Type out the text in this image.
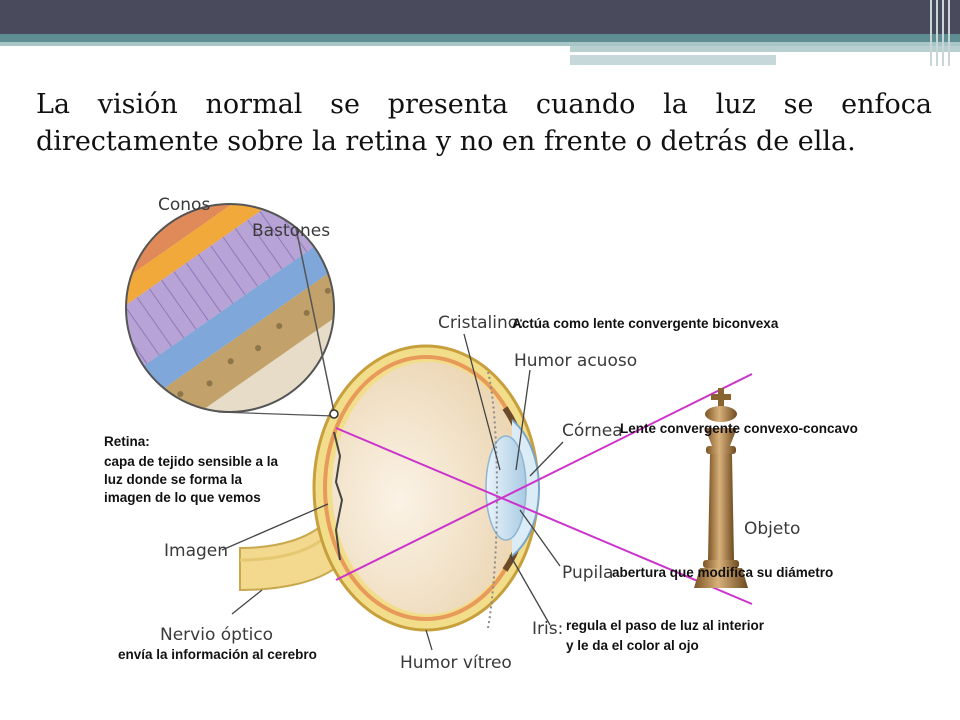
La visión normal se presenta cuando la luz se enfoca directamente sobre la retina y no en frente o detrás de ella.

Conos
Bastones
Cristalino:
Actúa como lente convergente biconvexa
Humor acuoso
Córnea
Lente convergente convexo-concavo
Retina:
capa de tejido sensible a la
luz donde se forma la
imagen de lo que vemos
Objeto
Imagen
Pupila
abertura que modifica su diámetro
Iris: regula el paso de luz al interior
y le da el color al ojo
Nervio óptico
envía la información al cerebro	Humor vítreo
